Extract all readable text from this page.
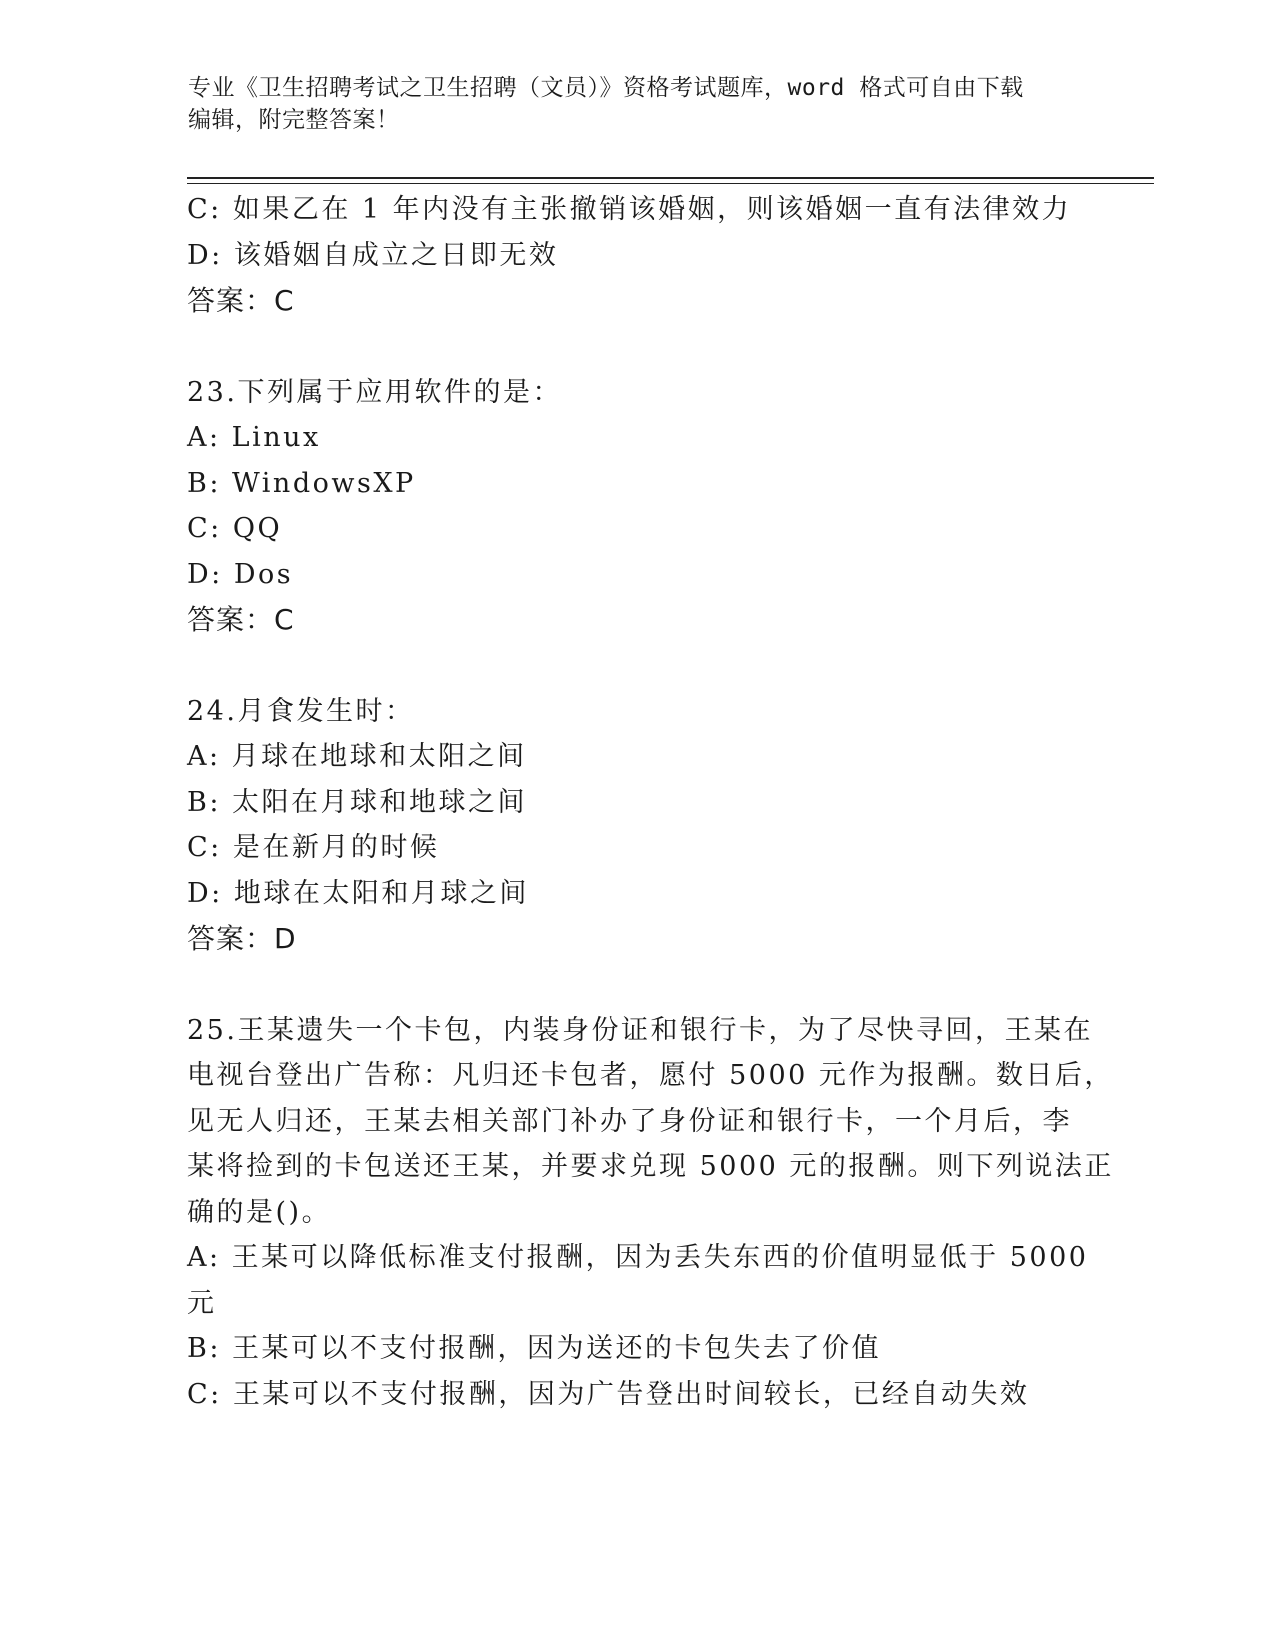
专业《卫生招聘考试之卫生招聘（文员）》资格考试题库，word 格式可自由下载
编辑，附完整答案！

C: 如果乙在 1 年内没有主张撤销该婚姻，则该婚姻一直有法律效力

D: 该婚姻自成立之日即无效

答案：C

23.下列属于应用软件的是：

A: Linux

B: WindowsXP

C: QQ

D: Dos

答案：C

24.月食发生时：

A: 月球在地球和太阳之间

B: 太阳在月球和地球之间

C: 是在新月的时候

D: 地球在太阳和月球之间

答案：D

25.王某遗失一个卡包，内装身份证和银行卡，为了尽快寻回，王某在

电视台登出广告称：凡归还卡包者，愿付 5000 元作为报酬。数日后，

见无人归还，王某去相关部门补办了身份证和银行卡，一个月后，李

某将捡到的卡包送还王某，并要求兑现 5000 元的报酬。则下列说法正

确的是()。

A: 王某可以降低标准支付报酬，因为丢失东西的价值明显低于 5000

元

B: 王某可以不支付报酬，因为送还的卡包失去了价值

C: 王某可以不支付报酬，因为广告登出时间较长，已经自动失效
